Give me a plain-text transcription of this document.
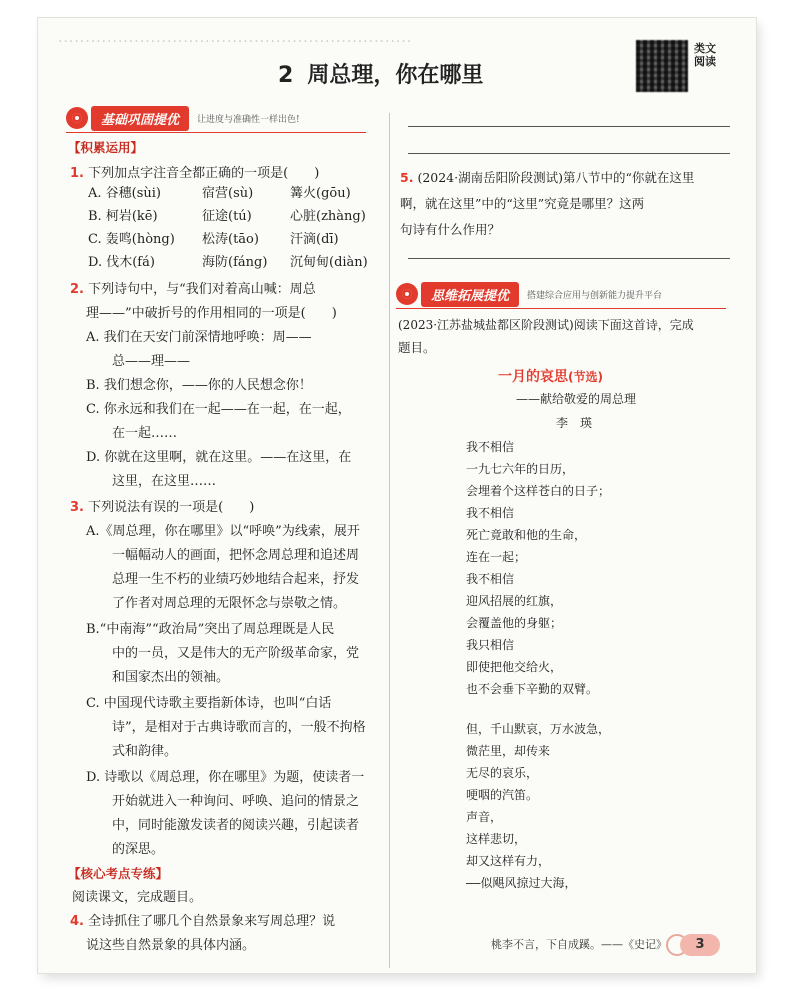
·································································
2 周总理，你在哪里
类文阅读
基础巩固提优	让进度与准确性一样出色!
【积累运用】
1. 下列加点字注音全都正确的一项是(　　)
A. 谷穗(sùi)	宿营(sù)	篝火(gōu)
B. 柯岩(kē)	征途(tú)	心脏(zhàng)
C. 轰鸣(hòng)	松涛(tāo)	汗滴(dī)
D. 伐木(fá)	海防(fáng)	沉甸甸(diàn)
2. 下列诗句中，与“我们对着高山喊：周总
理——”中破折号的作用相同的一项是(　　)
A. 我们在天安门前深情地呼唤：周——
　　总——理——
B. 我们想念你，——你的人民想念你！
C. 你永远和我们在一起——在一起，在一起，
　　在一起……
D. 你就在这里啊，就在这里。——在这里，在
　　这里，在这里……
3. 下列说法有误的一项是(　　)
A.《周总理，你在哪里》以“呼唤”为线索，展开
　　一幅幅动人的画面，把怀念周总理和追述周
　　总理一生不朽的业绩巧妙地结合起来，抒发
　　了作者对周总理的无限怀念与崇敬之情。
B.“中南海”“政治局”突出了周总理既是人民
　　中的一员，又是伟大的无产阶级革命家，党
　　和国家杰出的领袖。
C. 中国现代诗歌主要指新体诗，也叫“白话
　　诗”，是相对于古典诗歌而言的，一般不拘格
　　式和韵律。
D. 诗歌以《周总理，你在哪里》为题，使读者一
　　开始就进入一种询问、呼唤、追问的情景之
　　中，同时能激发读者的阅读兴趣，引起读者
　　的深思。
【核心考点专练】
阅读课文，完成题目。
4. 全诗抓住了哪几个自然景象来写周总理？说
说这些自然景象的具体内涵。
5. (2024·湖南岳阳阶段测试)第八节中的“你就在这里
啊，就在这里”中的“这里”究竟是哪里？这两
句诗有什么作用？
思维拓展提优	搭建综合应用与创新能力提升平台
(2023·江苏盐城盐都区阶段测试)阅读下面这首诗，完成
题目。
一月的哀思(节选)
——献给敬爱的周总理
李　瑛
我不相信
一九七六年的日历，
会埋着个这样苍白的日子；
我不相信
死亡竟敢和他的生命，
连在一起；
我不相信
迎风招展的红旗，
会覆盖他的身躯；
我只相信
即使把他交给火，
也不会垂下辛勤的双臂。
但，千山默哀，万水波急，
微茫里，却传来
无尽的哀乐，
哽咽的汽笛。
声音，
这样悲切，
却又这样有力，
——似飓风掠过大海，
桃李不言，下自成蹊。——《史记》	3
